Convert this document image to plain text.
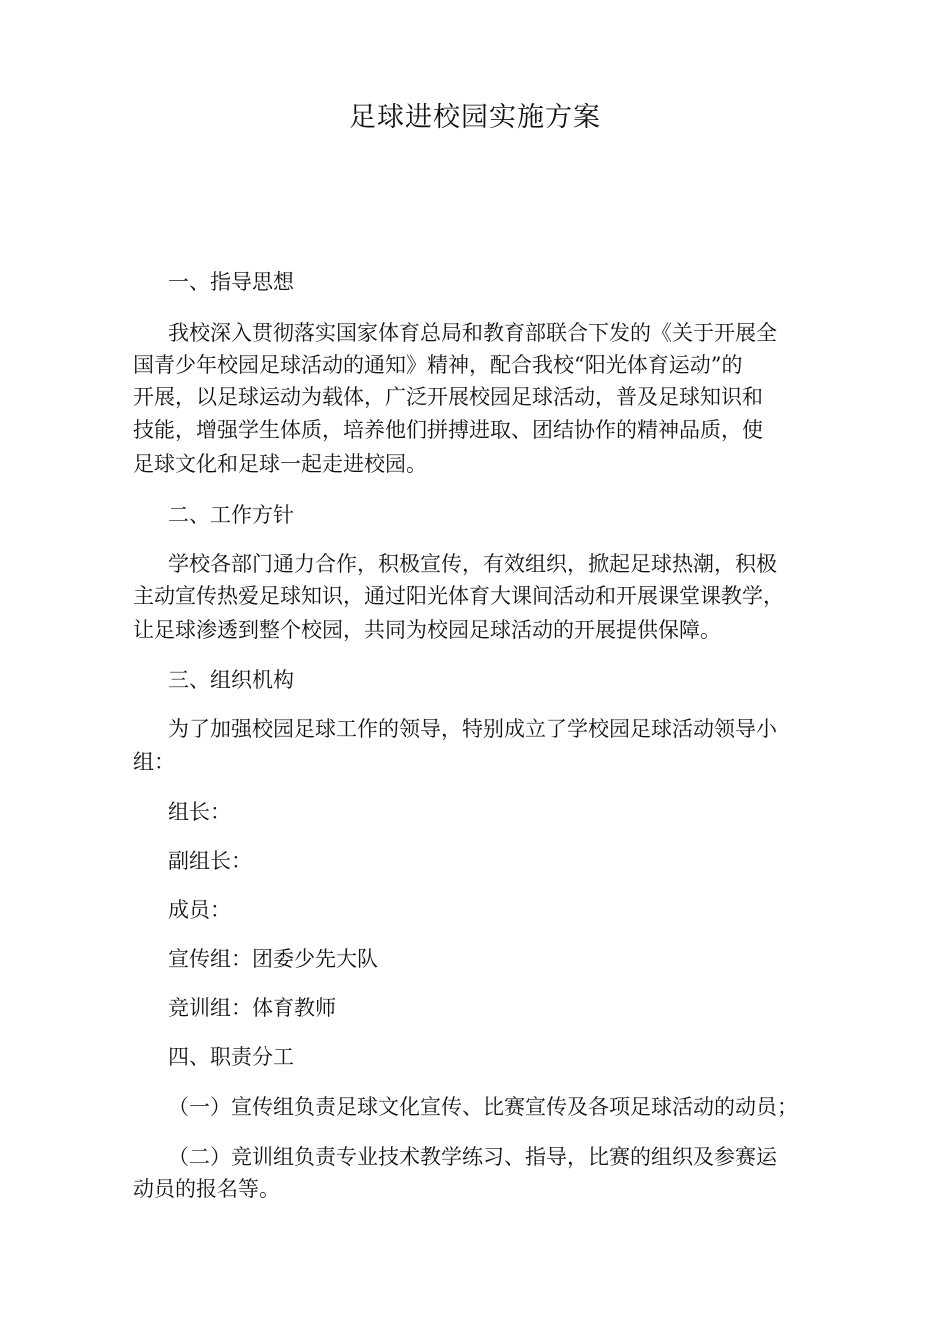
足球进校园实施方案

一、指导思想

我校深入贯彻落实国家体育总局和教育部联合下发的《关于开展全

国青少年校园足球活动的通知》精神，配合我校“阳光体育运动”的

开展，以足球运动为载体，广泛开展校园足球活动，普及足球知识和

技能，增强学生体质，培养他们拼搏进取、团结协作的精神品质，使

足球文化和足球一起走进校园。

二、工作方针

学校各部门通力合作，积极宣传，有效组织，掀起足球热潮，积极

主动宣传热爱足球知识，通过阳光体育大课间活动和开展课堂课教学，

让足球渗透到整个校园，共同为校园足球活动的开展提供保障。

三、组织机构

为了加强校园足球工作的领导，特别成立了学校园足球活动领导小

组：

组长：

副组长：

成员：

宣传组：团委少先大队

竞训组：体育教师

四、职责分工

（一）宣传组负责足球文化宣传、比赛宣传及各项足球活动的动员；

（二）竞训组负责专业技术教学练习、指导，比赛的组织及参赛运

动员的报名等。
